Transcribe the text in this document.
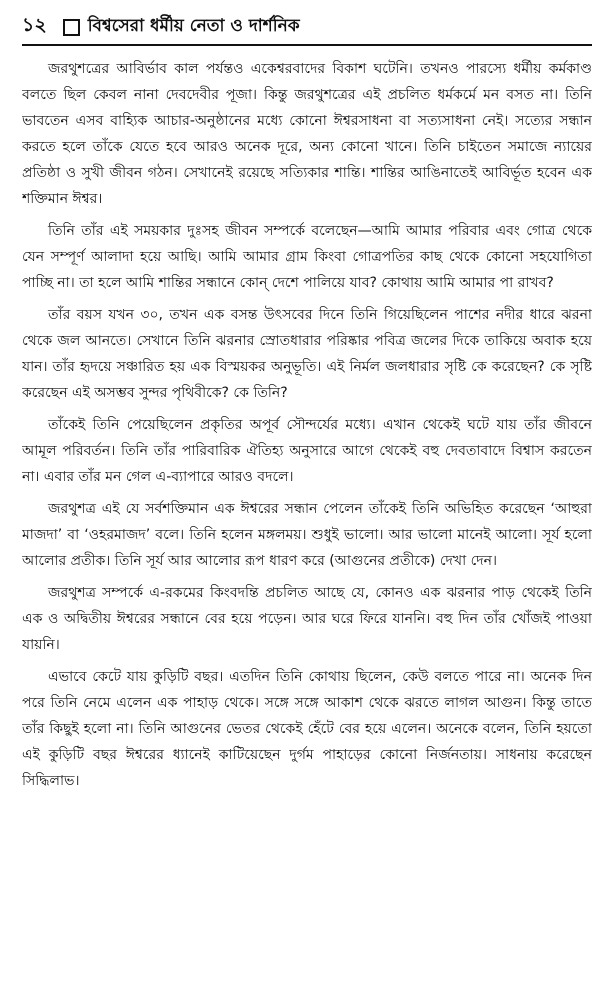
১২ বিশ্বসেরা ধর্মীয় নেতা ও দার্শনিক

জরথুশত্রের আবির্ভাব কাল পর্যন্তও একেশ্বরবাদের বিকাশ ঘটেনি। তখনও পারস্যে ধর্মীয় কর্মকাণ্ড বলতে ছিল কেবল নানা দেবদেবীর পূজা। কিন্তু জরথুশত্রের এই প্রচলিত ধর্মকর্মে মন বসত না। তিনি ভাবতেন এসব বাহ্যিক আচার-অনুষ্ঠানের মধ্যে কোনো ঈশ্বরসাধনা বা সত্যসাধনা নেই। সত্যের সন্ধান করতে হলে তাঁকে যেতে হবে আরও অনেক দূরে, অন্য কোনো খানে। তিনি চাইতেন সমাজে ন্যায়ের প্রতিষ্ঠা ও সুখী জীবন গঠন। সেখানেই রয়েছে সত্যিকার শান্তি। শান্তির আঙিনাতেই আবির্ভূত হবেন এক শক্তিমান ঈশ্বর।

তিনি তাঁর এই সময়কার দুঃসহ জীবন সম্পর্কে বলেছেন—আমি আমার পরিবার এবং গোত্র থেকে যেন সম্পূর্ণ আলাদা হয়ে আছি। আমি আমার গ্রাম কিংবা গোত্রপতির কাছ থেকে কোনো সহযোগিতা পাচ্ছি না। তা হলে আমি শান্তির সন্ধানে কোন্ দেশে পালিয়ে যাব? কোথায় আমি আমার পা রাখব?

তাঁর বয়স যখন ৩০, তখন এক বসন্ত উৎসবের দিনে তিনি গিয়েছিলেন পাশের নদীর ধারে ঝরনা থেকে জল আনতে। সেখানে তিনি ঝরনার স্রোতধারার পরিষ্কার পবিত্র জলের দিকে তাকিয়ে অবাক হয়ে যান। তাঁর হৃদয়ে সঞ্চারিত হয় এক বিস্ময়কর অনুভূতি। এই নির্মল জলধারার সৃষ্টি কে করেছেন? কে সৃষ্টি করেছেন এই অসম্ভব সুন্দর পৃথিবীকে? কে তিনি?

তাঁকেই তিনি পেয়েছিলেন প্রকৃতির অপূর্ব সৌন্দর্যের মধ্যে। এখান থেকেই ঘটে যায় তাঁর জীবনে আমূল পরিবর্তন। তিনি তাঁর পারিবারিক ঐতিহ্য অনুসারে আগে থেকেই বহু দেবতাবাদে বিশ্বাস করতেন না। এবার তাঁর মন গেল এ-ব্যাপারে আরও বদলে।

জরথুশত্র এই যে সর্বশক্তিমান এক ঈশ্বরের সন্ধান পেলেন তাঁকেই তিনি অভিহিত করেছেন ‘আহুরা মাজদা’ বা ‘ওহরমাজদ’ বলে। তিনি হলেন মঙ্গলময়। শুধুই ভালো। আর ভালো মানেই আলো। সূর্য হলো আলোর প্রতীক। তিনি সূর্য আর আলোর রূপ ধারণ করে (আগুনের প্রতীকে) দেখা দেন।

জরথুশত্র সম্পর্কে এ-রকমের কিংবদন্তি প্রচলিত আছে যে, কোনও এক ঝরনার পাড় থেকেই তিনি এক ও অদ্বিতীয় ঈশ্বরের সন্ধানে বের হয়ে পড়েন। আর ঘরে ফিরে যাননি। বহু দিন তাঁর খোঁজই পাওয়া যায়নি।

এভাবে কেটে যায় কুড়িটি বছর। এতদিন তিনি কোথায় ছিলেন, কেউ বলতে পারে না। অনেক দিন পরে তিনি নেমে এলেন এক পাহাড় থেকে। সঙ্গে সঙ্গে আকাশ থেকে ঝরতে লাগল আগুন। কিন্তু তাতে তাঁর কিছুই হলো না। তিনি আগুনের ভেতর থেকেই হেঁটে বের হয়ে এলেন। অনেকে বলেন, তিনি হয়তো এই কুড়িটি বছর ঈশ্বরের ধ্যানেই কাটিয়েছেন দুর্গম পাহাড়ের কোনো নির্জনতায়। সাধনায় করেছেন সিদ্ধিলাভ।
